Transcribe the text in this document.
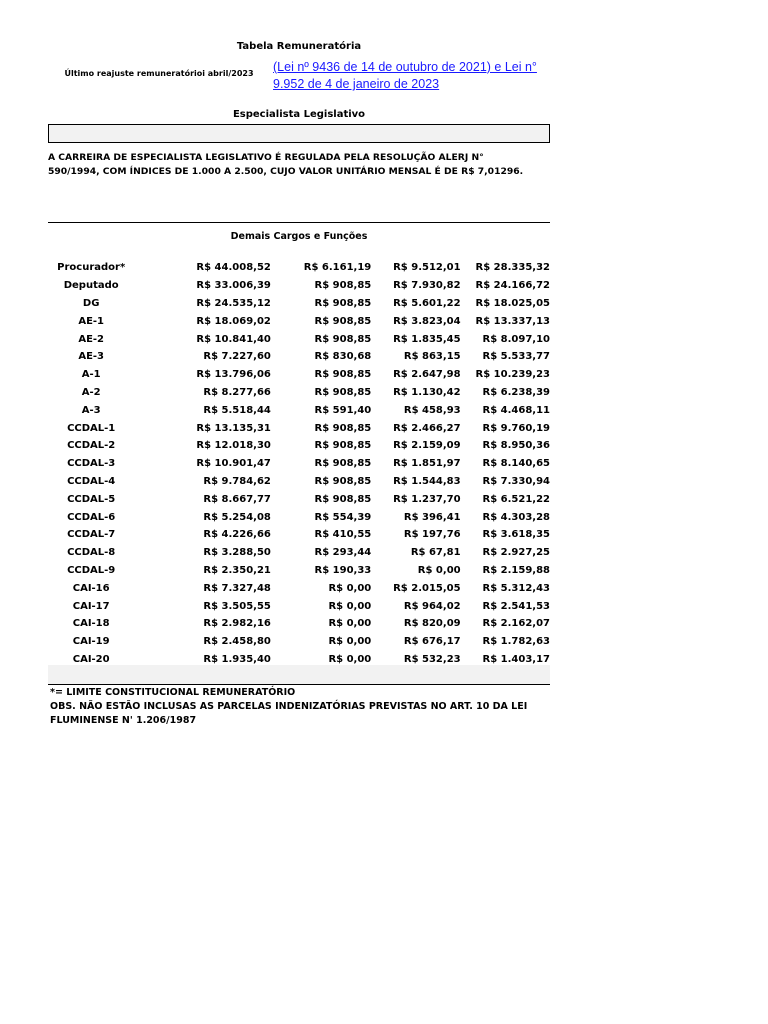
Tabela Remuneratória
Último reajuste remuneratórioi abril/2023	(Lei nº 9436 de 14 de outubro de 2021) e Lei n° 9.952 de 4 de janeiro de 2023
Especialista Legislativo
A CARREIRA DE ESPECIALISTA LEGISLATIVO É REGULADA PELA RESOLUÇÃO ALERJ N° 590/1994, COM ÍNDICES DE 1.000 A 2.500, CUJO VALOR UNITÁRIO MENSAL É DE R$ 7,01296.
Demais Cargos e Funções
Procurador*	R$ 44.008,52	R$ 6.161,19	R$ 9.512,01	R$ 28.335,32
Deputado	R$ 33.006,39	R$ 908,85	R$ 7.930,82	R$ 24.166,72
DG	R$ 24.535,12	R$ 908,85	R$ 5.601,22	R$ 18.025,05
AE-1	R$ 18.069,02	R$ 908,85	R$ 3.823,04	R$ 13.337,13
AE-2	R$ 10.841,40	R$ 908,85	R$ 1.835,45	R$ 8.097,10
AE-3	R$ 7.227,60	R$ 830,68	R$ 863,15	R$ 5.533,77
A-1	R$ 13.796,06	R$ 908,85	R$ 2.647,98	R$ 10.239,23
A-2	R$ 8.277,66	R$ 908,85	R$ 1.130,42	R$ 6.238,39
A-3	R$ 5.518,44	R$ 591,40	R$ 458,93	R$ 4.468,11
CCDAL-1	R$ 13.135,31	R$ 908,85	R$ 2.466,27	R$ 9.760,19
CCDAL-2	R$ 12.018,30	R$ 908,85	R$ 2.159,09	R$ 8.950,36
CCDAL-3	R$ 10.901,47	R$ 908,85	R$ 1.851,97	R$ 8.140,65
CCDAL-4	R$ 9.784,62	R$ 908,85	R$ 1.544,83	R$ 7.330,94
CCDAL-5	R$ 8.667,77	R$ 908,85	R$ 1.237,70	R$ 6.521,22
CCDAL-6	R$ 5.254,08	R$ 554,39	R$ 396,41	R$ 4.303,28
CCDAL-7	R$ 4.226,66	R$ 410,55	R$ 197,76	R$ 3.618,35
CCDAL-8	R$ 3.288,50	R$ 293,44	R$ 67,81	R$ 2.927,25
CCDAL-9	R$ 2.350,21	R$ 190,33	R$ 0,00	R$ 2.159,88
CAI-16	R$ 7.327,48	R$ 0,00	R$ 2.015,05	R$ 5.312,43
CAI-17	R$ 3.505,55	R$ 0,00	R$ 964,02	R$ 2.541,53
CAI-18	R$ 2.982,16	R$ 0,00	R$ 820,09	R$ 2.162,07
CAI-19	R$ 2.458,80	R$ 0,00	R$ 676,17	R$ 1.782,63
CAI-20	R$ 1.935,40	R$ 0,00	R$ 532,23	R$ 1.403,17
*= LIMITE CONSTITUCIONAL REMUNERATÓRIO
OBS. NÃO ESTÃO INCLUSAS AS PARCELAS INDENIZATÓRIAS PREVISTAS NO ART. 10 DA LEI FLUMINENSE N' 1.206/1987
